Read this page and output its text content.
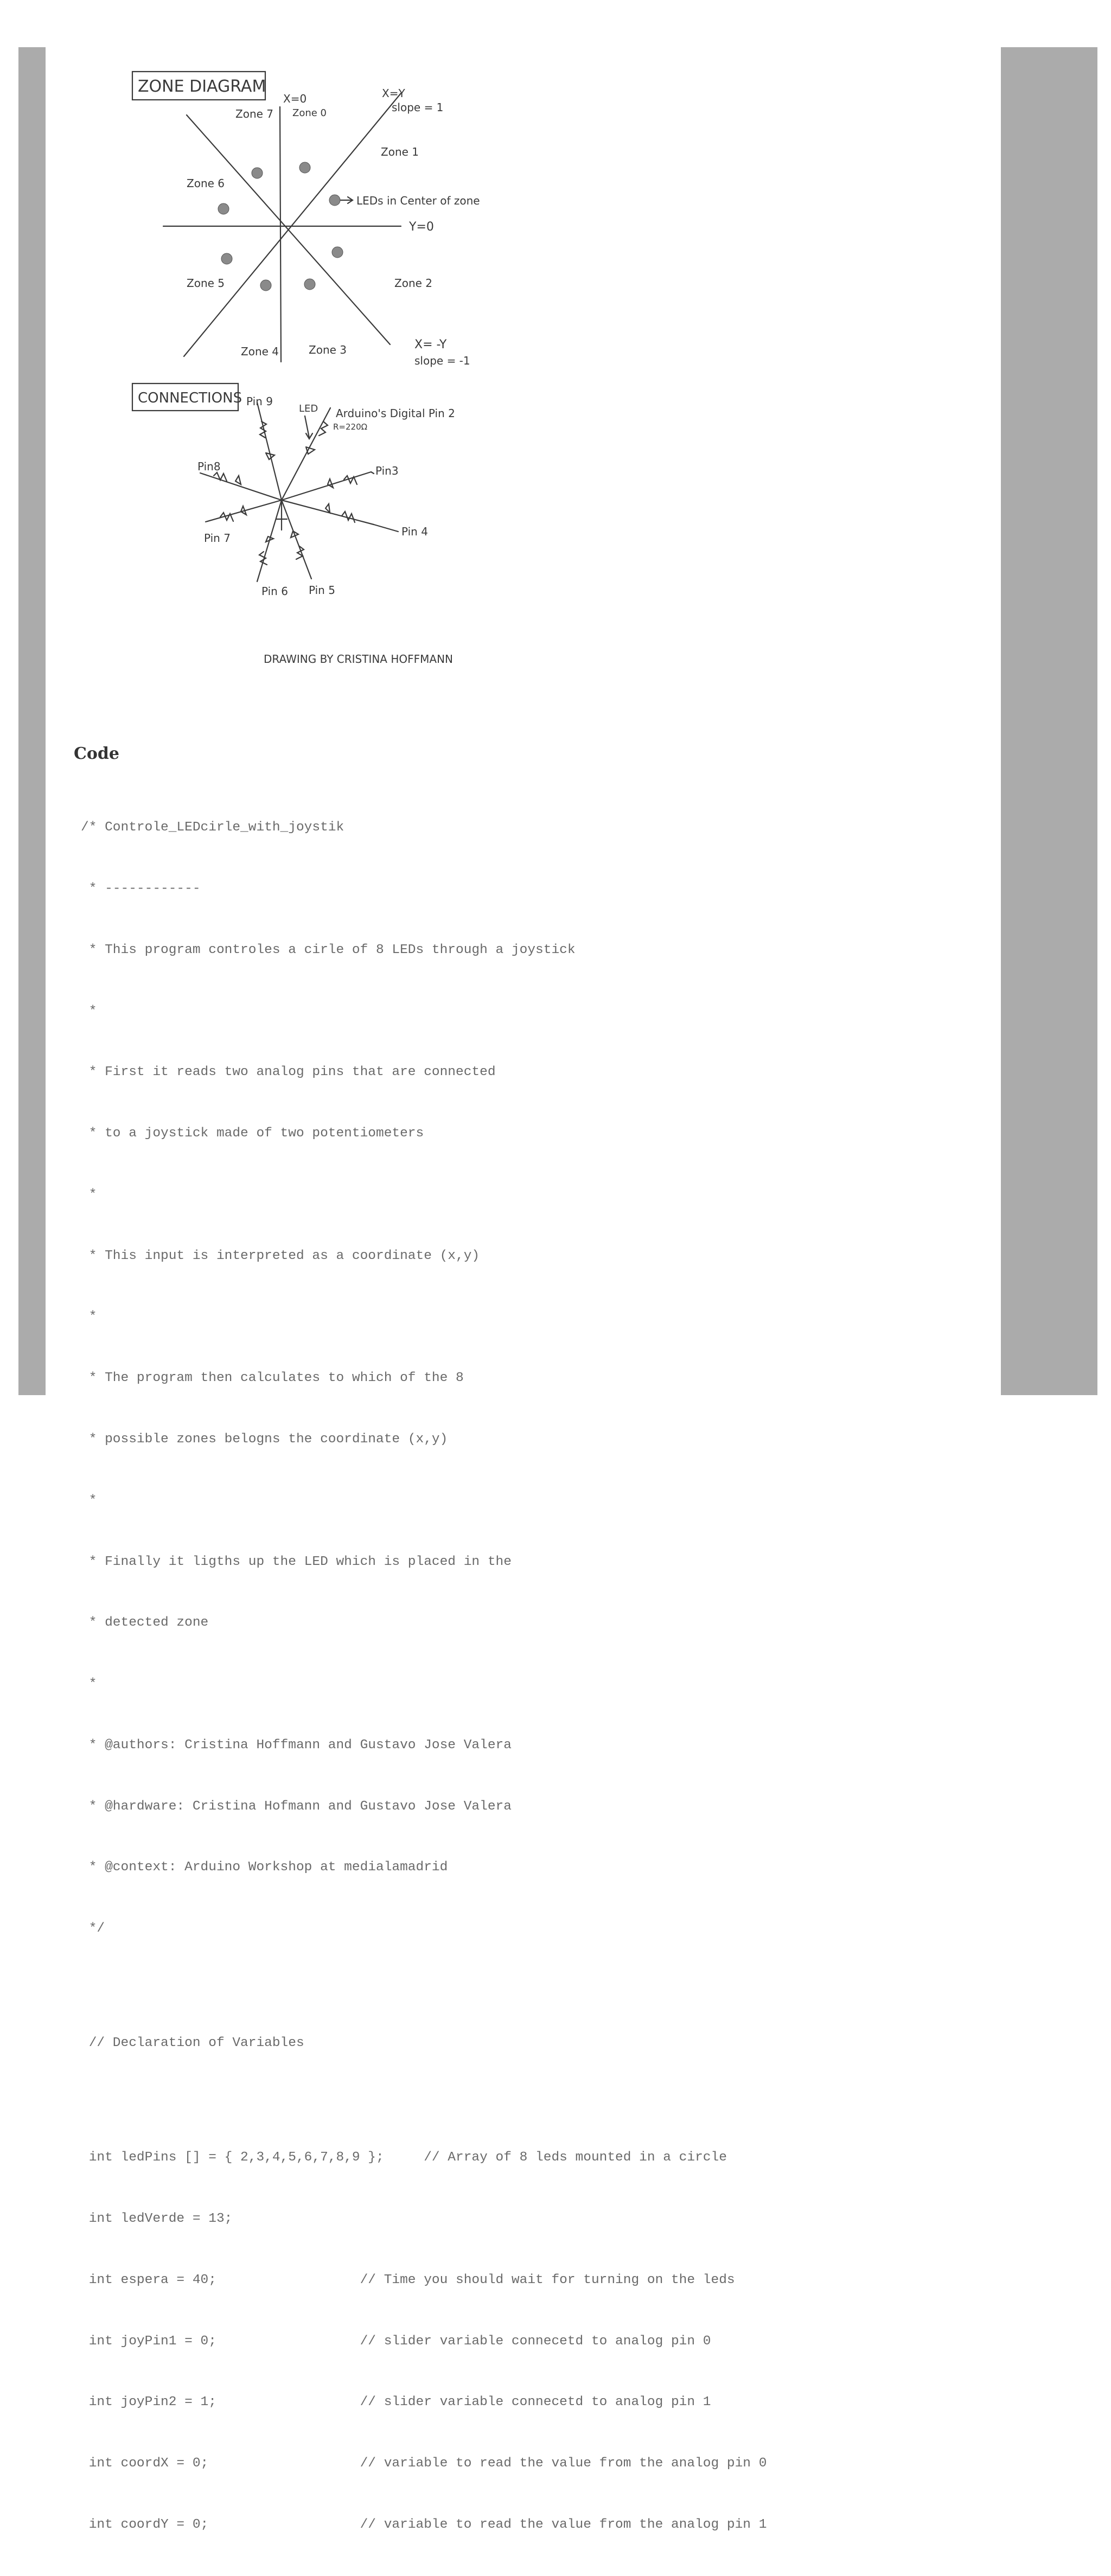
ZONE DIAGRAM
X=0	X=Y
slope = 1
Y=0
X= -Y
slope = -1
Zone 7 Zone 0
Zone 1
Zone 6
Zone 5	Zone 2
Zone 4	Zone 3
LEDs in Center of zone
CONNECTIONS Pin 9
LED Arduino's Digital Pin 2
R=220Ω
Pin8	Pin3
Pin 7	Pin 4
Pin 6 Pin 5
DRAWING BY CRISTINA HOFFMANN
Code

/* Controle_LEDcirle_with_joystik

* ------------

* This program controles a cirle of 8 LEDs through a joystick

*

* First it reads two analog pins that are connected

* to a joystick made of two potentiometers

*

* This input is interpreted as a coordinate (x,y)

*

* The program then calculates to which of the 8

* possible zones belogns the coordinate (x,y)

*

* Finally it ligths up the LED which is placed in the

* detected zone

*

* @authors: Cristina Hoffmann and Gustavo Jose Valera

* @hardware: Cristina Hofmann and Gustavo Jose Valera

* @context: Arduino Workshop at medialamadrid

*/

// Declaration of Variables

int ledPins [] = { 2,3,4,5,6,7,8,9 };     // Array of 8 leds mounted in a circle

int ledVerde = 13;

int espera = 40;                  // Time you should wait for turning on the leds

int joyPin1 = 0;                  // slider variable connecetd to analog pin 0

int joyPin2 = 1;                  // slider variable connecetd to analog pin 1

int coordX = 0;                   // variable to read the value from the analog pin 0

int coordY = 0;                   // variable to read the value from the analog pin 1
